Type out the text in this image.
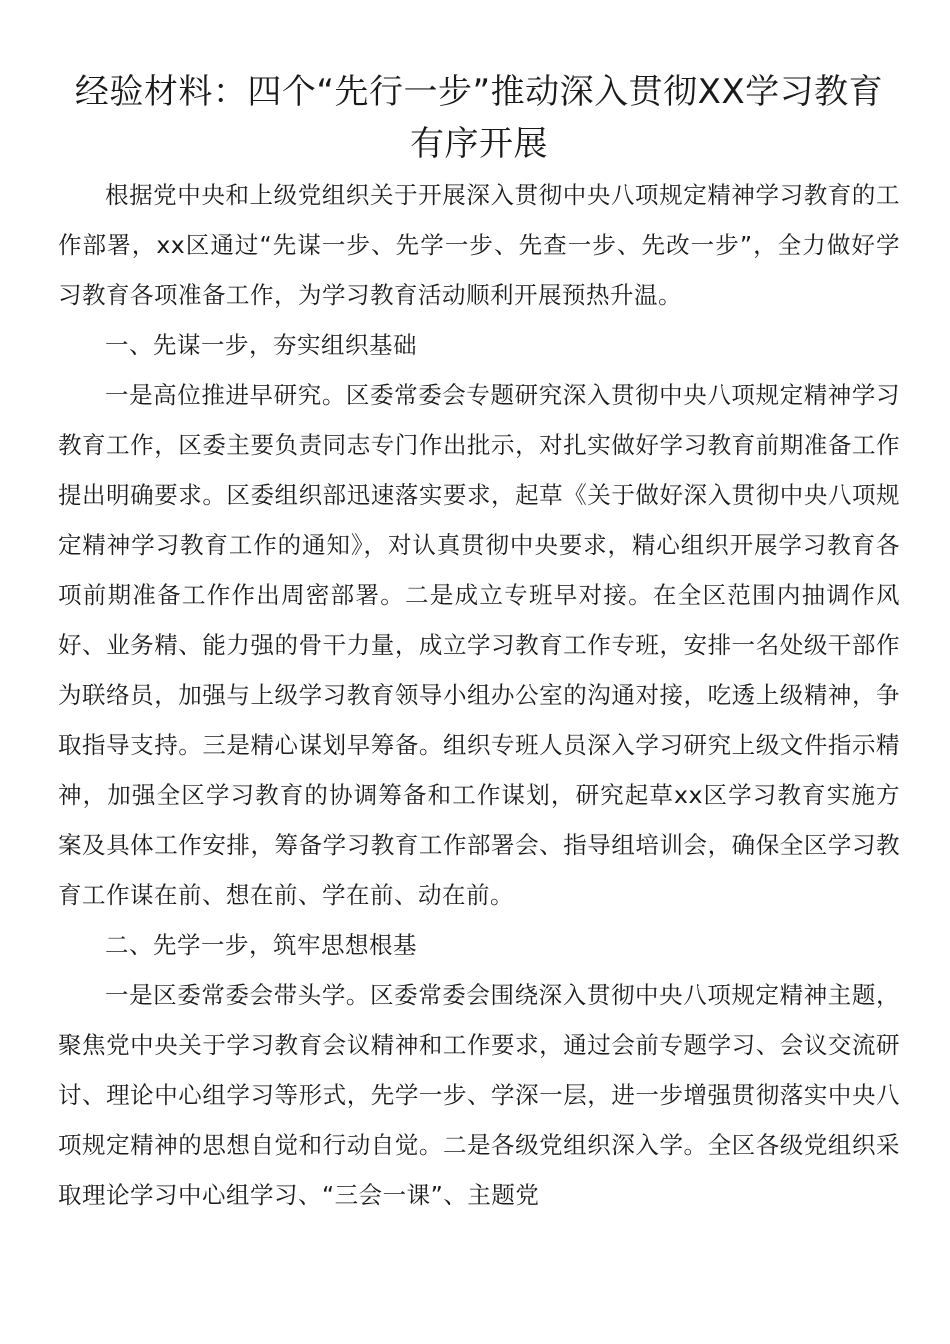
经验材料：四个“先行一步”推动深入贯彻XX学习教育有序开展

根据党中央和上级党组织关于开展深入贯彻中央八项规定精神学习教育的工作部署，xx区通过“先谋一步、先学一步、先查一步、先改一步”，全力做好学习教育各项准备工作，为学习教育活动顺利开展预热升温。

一、先谋一步，夯实组织基础

一是高位推进早研究。区委常委会专题研究深入贯彻中央八项规定精神学习教育工作，区委主要负责同志专门作出批示，对扎实做好学习教育前期准备工作提出明确要求。区委组织部迅速落实要求，起草《关于做好深入贯彻中央八项规定精神学习教育工作的通知》，对认真贯彻中央要求，精心组织开展学习教育各项前期准备工作作出周密部署。二是成立专班早对接。在全区范围内抽调作风好、业务精、能力强的骨干力量，成立学习教育工作专班，安排一名处级干部作为联络员，加强与上级学习教育领导小组办公室的沟通对接，吃透上级精神，争取指导支持。三是精心谋划早筹备。组织专班人员深入学习研究上级文件指示精神，加强全区学习教育的协调筹备和工作谋划，研究起草xx区学习教育实施方案及具体工作安排，筹备学习教育工作部署会、指导组培训会，确保全区学习教育工作谋在前、想在前、学在前、动在前。

二、先学一步，筑牢思想根基

一是区委常委会带头学。区委常委会围绕深入贯彻中央八项规定精神主题，聚焦党中央关于学习教育会议精神和工作要求，通过会前专题学习、会议交流研讨、理论中心组学习等形式，先学一步、学深一层，进一步增强贯彻落实中央八项规定精神的思想自觉和行动自觉。二是各级党组织深入学。全区各级党组织采取理论学习中心组学习、“三会一课”、主题党
